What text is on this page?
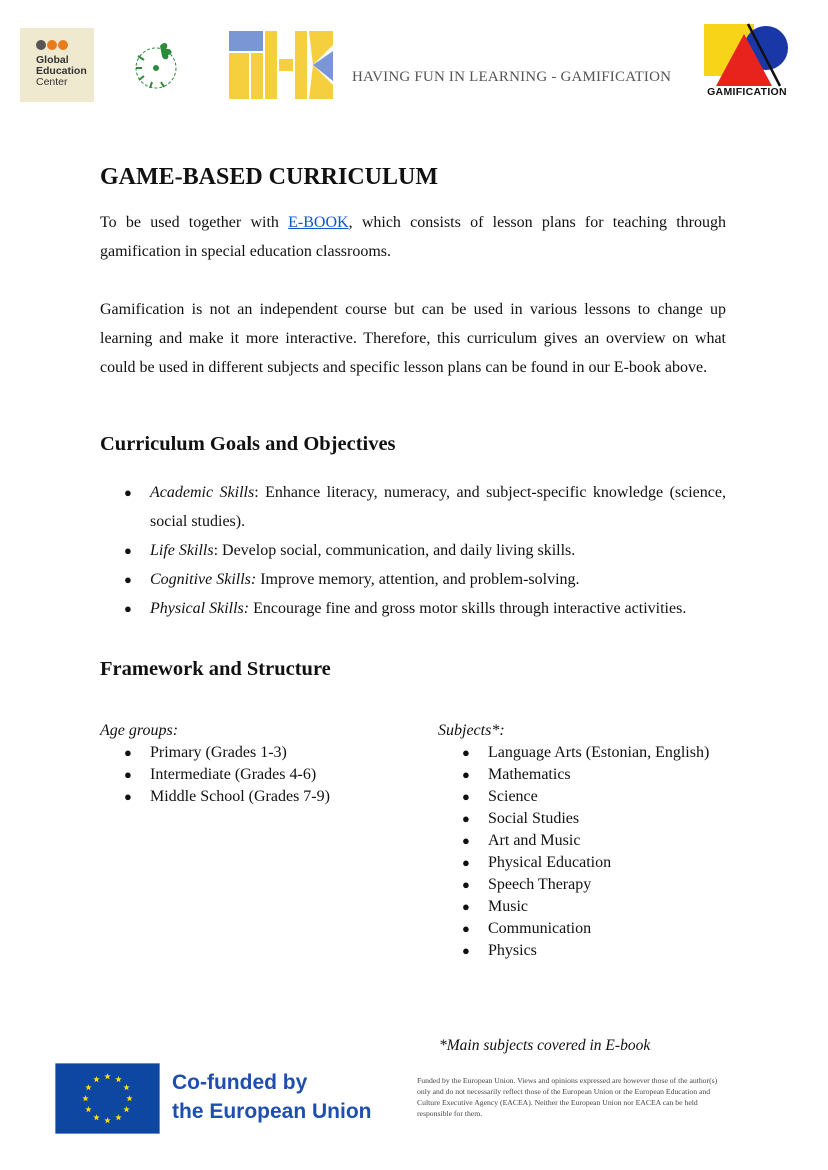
Global
Education
Center	HAVING FUN IN LEARNING - GAMIFICATION
GAMIFICATION
GAME-BASED CURRICULUM

To be used together with E-BOOK, which consists of lesson plans for teaching through gamification in special education classrooms.

Gamification is not an independent course but can be used in various lessons to change up learning and make it more interactive. Therefore, this curriculum gives an overview on what could be used in different subjects and specific lesson plans can be found in our E-book above.

Curriculum Goals and Objectives
● Academic Skills: Enhance literacy, numeracy, and subject-specific knowledge (science, social studies).
● Life Skills: Develop social, communication, and daily living skills.
● Cognitive Skills: Improve memory, attention, and problem-solving.
● Physical Skills: Encourage fine and gross motor skills through interactive activities.
Framework and Structure
Age groups:
● Primary (Grades 1-3)
● Intermediate (Grades 4-6)
● Middle School (Grades 7-9)
Subjects*:
● Language Arts (Estonian, English)
● Mathematics
● Science
● Social Studies
● Art and Music
● Physical Education
● Speech Therapy
● Music
● Communication
● Physics
*Main subjects covered in E-book
Co-funded by
the European Union
Funded by the European Union. Views and opinions expressed are however those of the author(s) only and do not necessarily reflect those of the European Union or the European Education and Culture Executive Agency (EACEA). Neither the European Union nor EACEA can be held responsible for them.
